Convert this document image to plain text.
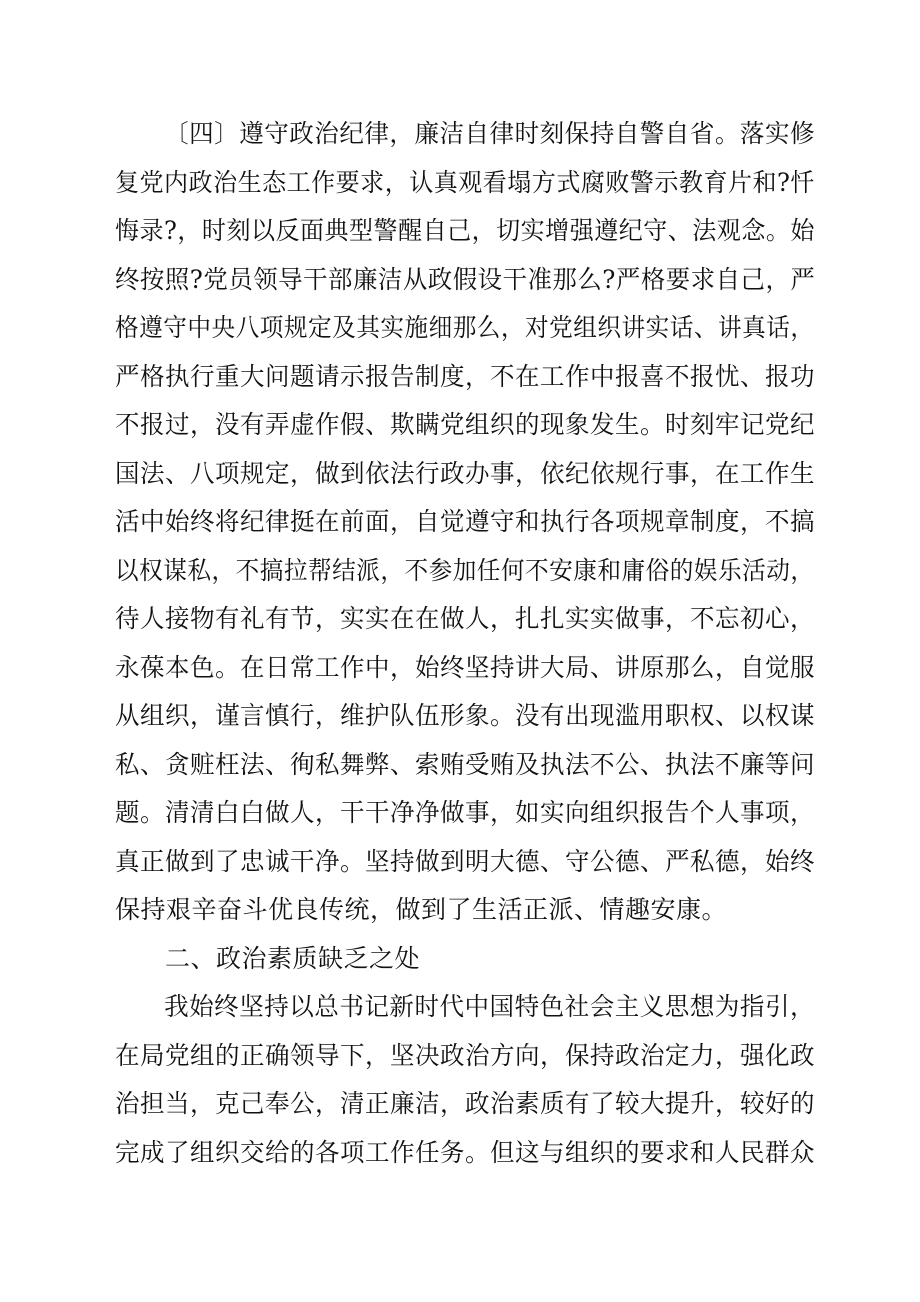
〔四〕遵守政治纪律，廉洁自律时刻保持自警自省。落实修
复党内政治生态工作要求，认真观看塌方式腐败警示教育片和?忏
悔录?，时刻以反面典型警醒自己，切实增强遵纪守、法观念。始
终按照?党员领导干部廉洁从政假设干准那么?严格要求自己，严
格遵守中央八项规定及其实施细那么，对党组织讲实话、讲真话，
严格执行重大问题请示报告制度，不在工作中报喜不报忧、报功
不报过，没有弄虚作假、欺瞒党组织的现象发生。时刻牢记党纪
国法、八项规定，做到依法行政办事，依纪依规行事，在工作生
活中始终将纪律挺在前面，自觉遵守和执行各项规章制度，不搞
以权谋私，不搞拉帮结派，不参加任何不安康和庸俗的娱乐活动，
待人接物有礼有节，实实在在做人，扎扎实实做事，不忘初心，
永葆本色。在日常工作中，始终坚持讲大局、讲原那么，自觉服
从组织，谨言慎行，维护队伍形象。没有出现滥用职权、以权谋
私、贪赃枉法、徇私舞弊、索贿受贿及执法不公、执法不廉等问
题。清清白白做人，干干净净做事，如实向组织报告个人事项，
真正做到了忠诚干净。坚持做到明大德、守公德、严私德，始终
保持艰辛奋斗优良传统，做到了生活正派、情趣安康。
二、政治素质缺乏之处
我始终坚持以总书记新时代中国特色社会主义思想为指引，
在局党组的正确领导下，坚决政治方向，保持政治定力，强化政
治担当，克己奉公，清正廉洁，政治素质有了较大提升，较好的
完成了组织交给的各项工作任务。但这与组织的要求和人民群众
